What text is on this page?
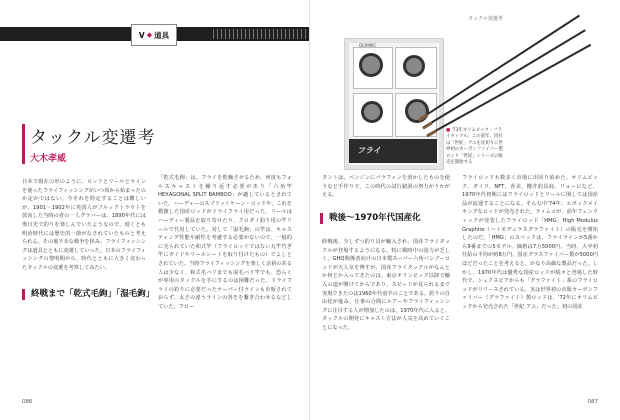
V ◆ 道具
タックル変遷考
大木孝威

日本で現在の形のように、ロッドとリールとラインを使ったフライフィッシングがいつ頃から始まったのか定かではない。今それを特定することは難しいが、1901〜1902年に英国人がブルックトラウトを放流した当時の者の一人グラバーは、1890年代には奥日光で釣りを楽しんでいたようなので、遅くとも明治時代には歴史的一節がなされていたものと考えられる。その後不幸な戦争を挟み、フライフィッシングは道具とともに変遷していった。日本のフライフィッシングの黎明期から、時代とともに大きく変わったタックルの変遷を考察してみたい。

終戦まで「乾式毛鉤」「湿毛鉤」

「乾式毛鉤」は、フライを乾燥させるため、何度もフォルスキャストを繰り返す必要があり「六角竿 HEXAGONAL SPLIT BAMBOO」が適しているとされていた。ハーディーのスプリットケーン・ロッドや、これを模倣した国産ロッドがドライフライ用だった。リールはハーディー製品を取り寄せたり、クロダイ釣り用の竿リールで代用していた。対して「湿毛鉤」の竿は、キャスティング性能や耐性を考慮する必要がないので、一般的に売られていた和式竿（フライロッドではない丸竿竹ぎ竿にガイドやリールシートを取り付けたもの）でよしとされていた。当時フライフィッシングを楽しく余裕のある人は少なく、和式毛バリまでも湿毛バリ竿でも、恐らくが専用のタックルを手にするのは困難だった。ドライフライの釣りに必要だったテーパー付ラインも市販されておらず、太さの違うラインの各をを繋ぎ合わせるなどしていた。フロー

086
タックル変遷考
フライ
OLYMPIC
■ '73年オリムピック・フライタックル。この前年、同社は「世紀」アユを皮切りに世界初のカーボンファイバー製ロッド「世紀」シリーズの販売を開始する

タントは、ベンジンにパラフィンを溶かしたものを使うなど手作りで、この時代の試行錯誤の努力がうかがえる。

戦後〜1970年代国産化

終戦後、少しずつ釣り具が輸入され、国産フライタックルが登場するようになる。特に戦時中の国力が乏しく、GHQ関係者向けの日本製スーパー六角バンブーロッドが大人気を博すが、国産フライタックルがなんとか何とか入ってきたのは、東京オリンピック以降で輸入の道が開けてからであり、スピードが見られるまで実現できたのは1960年代前半のことである。釣りの自由化が進み、仕事の合間にルアーやフライフィッシングに注目する人が増加したのは、1970年代に入ると、タックルの開発にキャスト方法が人気を高めていくことになった。

フライロッドも数多く市場に出回り始めた。オリムピック、ダイワ、NFT、香美、櫻井釣具商、リョービなど、1970年代初期にはフライロッドとリールに関しては国産品が流通することになる。そんな中'74年、エポックメイキングなロッドが発売された。ティムコが、前年フェンウィックが発表したフライロッド「HMG」High Modulus Graphite（ハイモデュラスグラファイト）の販売を開始したのだ。「HMG」のスペックは、フライラインが5番から9番までの5モデル、価格は7万5000円。当時、大卒初任給の平均が約8万円、国産グラスファイバー製が5000円ほどだったことを考えると、かなり高価な製品だった。しかし、1970年代は優秀な国産ロッドが続々と登場した時代で、シェクスピアからも「グラファイト」系のフライロッドがリリースされている。実は世界初の市販カーボンファイバー（グラファイト）製ロッドは、'72年にオリムピックから発売された「世紀 アユ」だった。初の国産

087
